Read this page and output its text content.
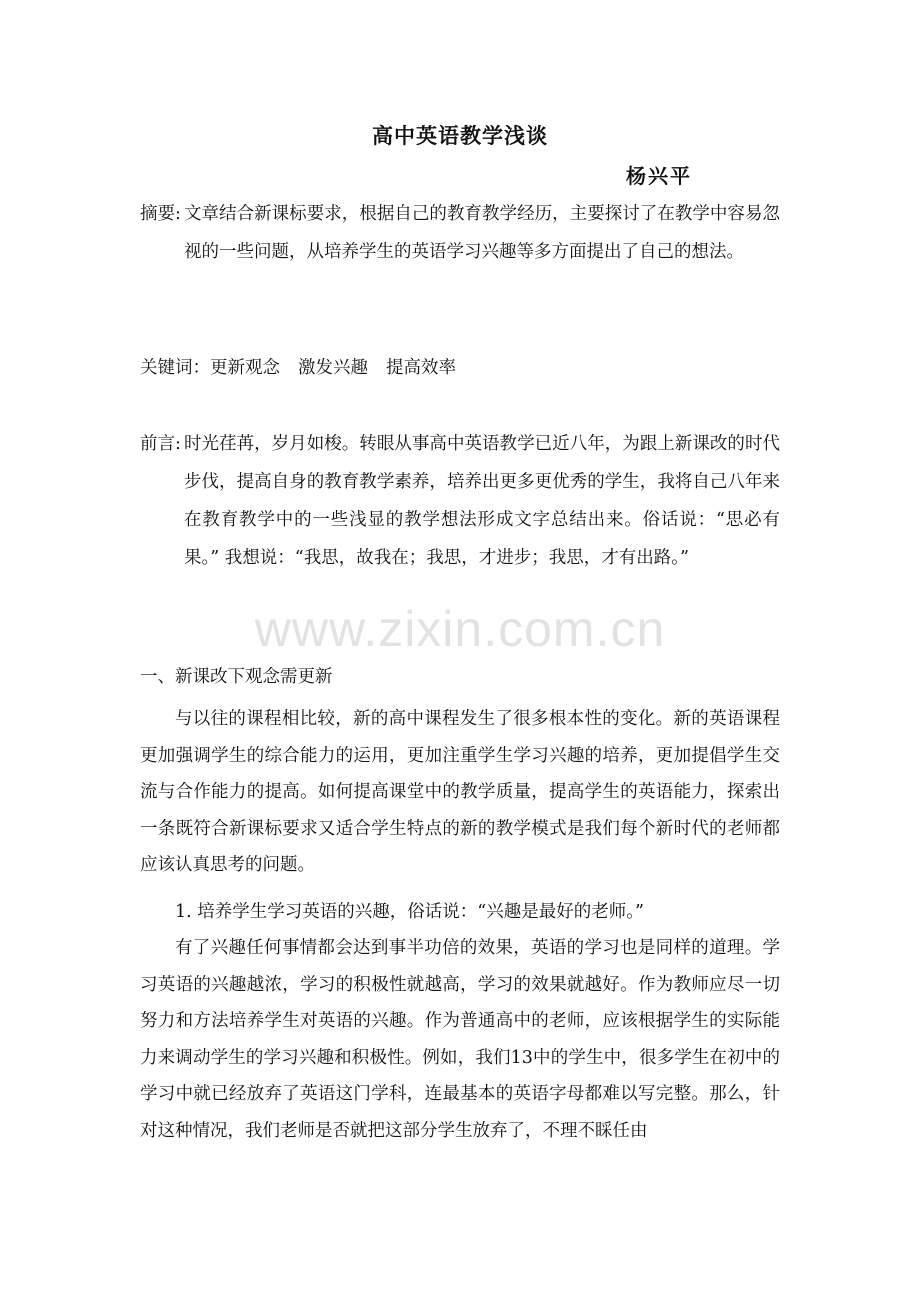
高中英语教学浅谈
杨兴平
摘要: 文章结合新课标要求，根据自己的教育教学经历，主要探讨了在教学中容易忽视的一些问题，从培养学生的英语学习兴趣等多方面提出了自己的想法。
关键词：更新观念 激发兴趣 提高效率
前言: 时光荏苒，岁月如梭。转眼从事高中英语教学已近八年，为跟上新课改的时代步伐，提高自身的教育教学素养，培养出更多更优秀的学生，我将自己八年来在教育教学中的一些浅显的教学想法形成文字总结出来。俗话说：“思必有果。” 我想说：“我思，故我在；我思，才进步；我思，才有出路。”
一、新课改下观念需更新

与以往的课程相比较，新的高中课程发生了很多根本性的变化。新的英语课程更加强调学生的综合能力的运用，更加注重学生学习兴趣的培养，更加提倡学生交流与合作能力的提高。如何提高课堂中的教学质量，提高学生的英语能力，探索出一条既符合新课标要求又适合学生特点的新的教学模式是我们每个新时代的老师都应该认真思考的问题。

1. 培养学生学习英语的兴趣，俗话说：“兴趣是最好的老师。”

有了兴趣任何事情都会达到事半功倍的效果，英语的学习也是同样的道理。学习英语的兴趣越浓，学习的积极性就越高，学习的效果就越好。作为教师应尽一切努力和方法培养学生对英语的兴趣。作为普通高中的老师，应该根据学生的实际能力来调动学生的学习兴趣和积极性。例如，我们13中的学生中，很多学生在初中的学习中就已经放弃了英语这门学科，连最基本的英语字母都难以写完整。那么，针对这种情况，我们老师是否就把这部分学生放弃了，不理不睬任由

www.zixin.com.cn
